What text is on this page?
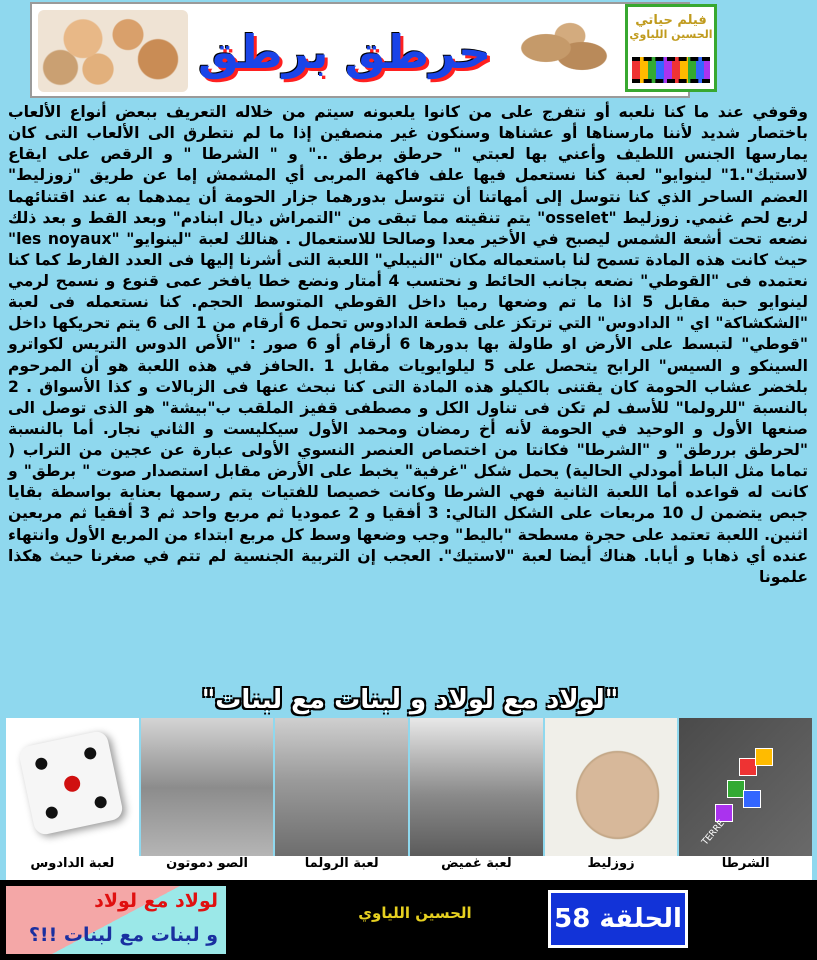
حرطق برطق
فيلم حياتي
الحسين اللياوي

وقوفي عند ما كنا نلعبه أو نتفرج على من كانوا يلعبونه سيتم من خلاله التعريف ببعض أنواع الألعاب باختصار شديد لأننا مارسناها أو عشناها وسنكون غير منصفين إذا ما لم نتطرق الى الألعاب التى كان يمارسها الجنس اللطيف وأعني بها لعبتي " حرطق برطق .." و " الشرطا " و الرقص على ايقاع لاستيك".1" لينوايو" لعبة كنا نستعمل فيها علف فاكهة المربى أي المشمش إما عن طريق "زوزليط" العضم الساحر الذي كنا نتوسل إلى أمهاتنا أن تتوسل بدورهما جزار الحومة أن يمدهما به عند اقتنائهما لربع لحم غنمي. زوزليط "osselet" يتم تنقيته مما تبقى من "التمراش ديال ابنادم" وبعد القط و بعد ذلك نضعه تحت أشعة الشمس ليصبح في الأخير معدا وصالحا للاستعمال . هنالك لعبة "لينوايو" "les noyaux" حيث كانت هذه المادة تسمح لنا باستعماله مكان "النيبلي" اللعبة التى أشرنا إليها فى العدد الفارط كما كنا نعتمده فى "القوطي" نضعه بجانب الحائط و نحتسب 4 أمتار ونضع خطا يافخر عمى قنوع و نسمح لرمي لينوايو حبة مقابل 5 اذا ما تم وضعها رميا داخل القوطي المتوسط الحجم. كنا نستعمله فى لعبة "الشكشاكة" اي " الدادوس" التي ترتكز على قطعة الدادوس تحمل 6 أرقام من 1 الى 6 يتم تحريكها داخل "قوطي" لتبسط على الأرض او طاولة بها بدورها 6 أرقام أو 6 صور : "الأص الدوس التريس لكواترو السينكو و السيس" الرابح يتحصل على 5 ليلوايويات مقابل 1 .الحافز في هذه اللعبة هو أن المرحوم بلخضر عشاب الحومة كان يقتنى بالكيلو هذه المادة التى كنا نبحث عنها فى الزبالات و كذا الأسواق . 2 بالنسبة "للرولما" للأسف لم تكن فى تناول الكل و مصطفى قفيز الملقب ب"بيشة" هو الذى توصل الى صنعها الأول و الوحيد في الحومة لأنه أخ رمضان ومحمد الأول سيكليست و الثاني نجار. أما بالنسبة "لحرطق بررطق" و "الشرطا" فكانتا من اختصاص العنصر النسوي الأولى عبارة عن عجين من التراب ( تماما مثل الباط أمودلي الحالية) يحمل شكل "غرفية" يخبط على الأرض مقابل استصدار صوت " برطق" و كانت له قواعده أما اللعبة الثانية فهي الشرطا وكانت خصيصا للفتيات يتم رسمها بعناية بواسطة بقايا جبص يتضمن ل 10 مربعات على الشكل التالي: 3 أفقيا و 2 عموديا ثم مربع واحد ثم 3 أفقيا ثم مربعين اثنين. اللعبة تعتمد على حجرة مسطحة "باليط" وجب وضعها وسط كل مربع ابتداء من المربع الأول وانتهاء عنده أي ذهابا و أيابا. هناك أيضا لعبة "لاستيك". العجب إن التربية الجنسية لم تتم في صغرنا حيث هكذا علمونا

"لولاد مع لولاد و لبنات مع لبنات"
TERRE
لعبة الدادوس	الصو دموتون	لعبة الرولما	لعبة غميض	زوزليط	الشرطا
لولاد مع لولاد
و لبنات مع لبنات !!؟
الحسين اللياوي	الحلقة 58
